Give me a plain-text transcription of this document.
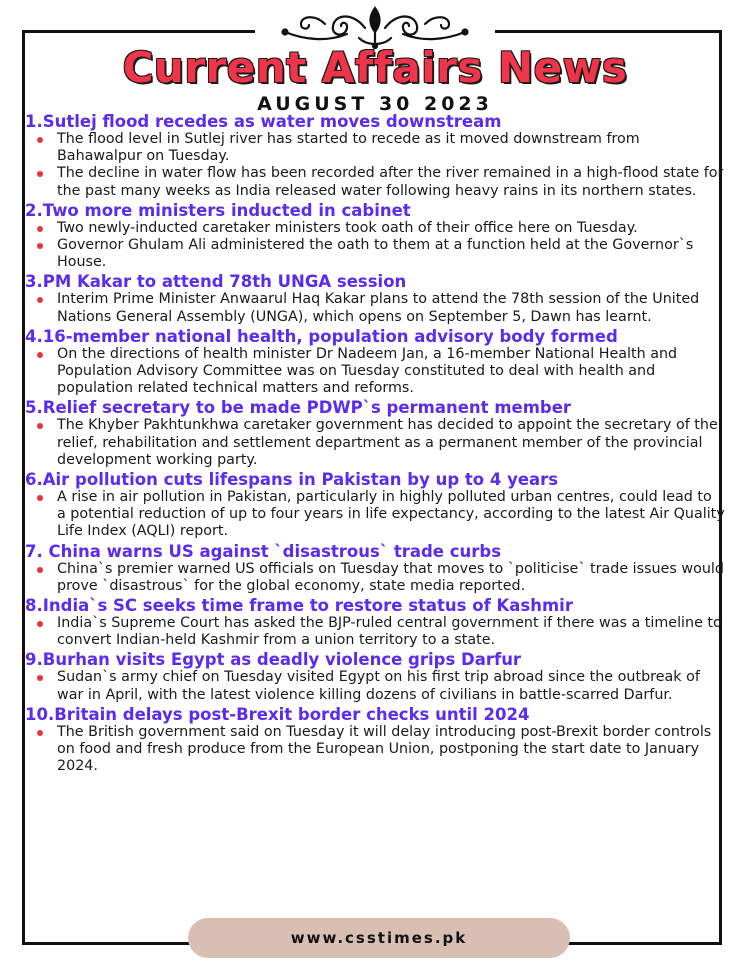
Current Affairs News
AUGUST 30 2023
1.Sutlej flood recedes as water moves downstream
The flood level in Sutlej river has started to recede as it moved downstream from Bahawalpur on Tuesday.
The decline in water flow has been recorded after the river remained in a high-flood state for the past many weeks as India released water following heavy rains in its northern states.
2.Two more ministers inducted in cabinet
Two newly-inducted caretaker ministers took oath of their office here on Tuesday.
Governor Ghulam Ali administered the oath to them at a function held at the Governor`s House.
3.PM Kakar to attend 78th UNGA session
Interim Prime Minister Anwaarul Haq Kakar plans to attend the 78th session of the United Nations General Assembly (UNGA), which opens on September 5, Dawn has learnt.
4.16-member national health, population advisory body formed
On the directions of health minister Dr Nadeem Jan, a 16-member National Health and Population Advisory Committee was on Tuesday constituted to deal with health and population related technical matters and reforms.
5.Relief secretary to be made PDWP`s permanent member
The Khyber Pakhtunkhwa caretaker government has decided to appoint the secretary of the relief, rehabilitation and settlement department as a permanent member of the provincial development working party.
6.Air pollution cuts lifespans in Pakistan by up to 4 years
A rise in air pollution in Pakistan, particularly in highly polluted urban centres, could lead to a potential reduction of up to four years in life expectancy, according to the latest Air Quality Life Index (AQLI) report.
7. China warns US against `disastrous` trade curbs
China`s premier warned US officials on Tuesday that moves to `politicise` trade issues would prove `disastrous` for the global economy, state media reported.
8.India`s SC seeks time frame to restore status of Kashmir
India`s Supreme Court has asked the BJP-ruled central government if there was a timeline to convert Indian-held Kashmir from a union territory to a state.
9.Burhan visits Egypt as deadly violence grips Darfur
Sudan`s army chief on Tuesday visited Egypt on his first trip abroad since the outbreak of war in April, with the latest violence killing dozens of civilians in battle-scarred Darfur.
10.Britain delays post-Brexit border checks until 2024
The British government said on Tuesday it will delay introducing post-Brexit border controls on food and fresh produce from the European Union, postponing the start date to January 2024.
www.csstimes.pk
